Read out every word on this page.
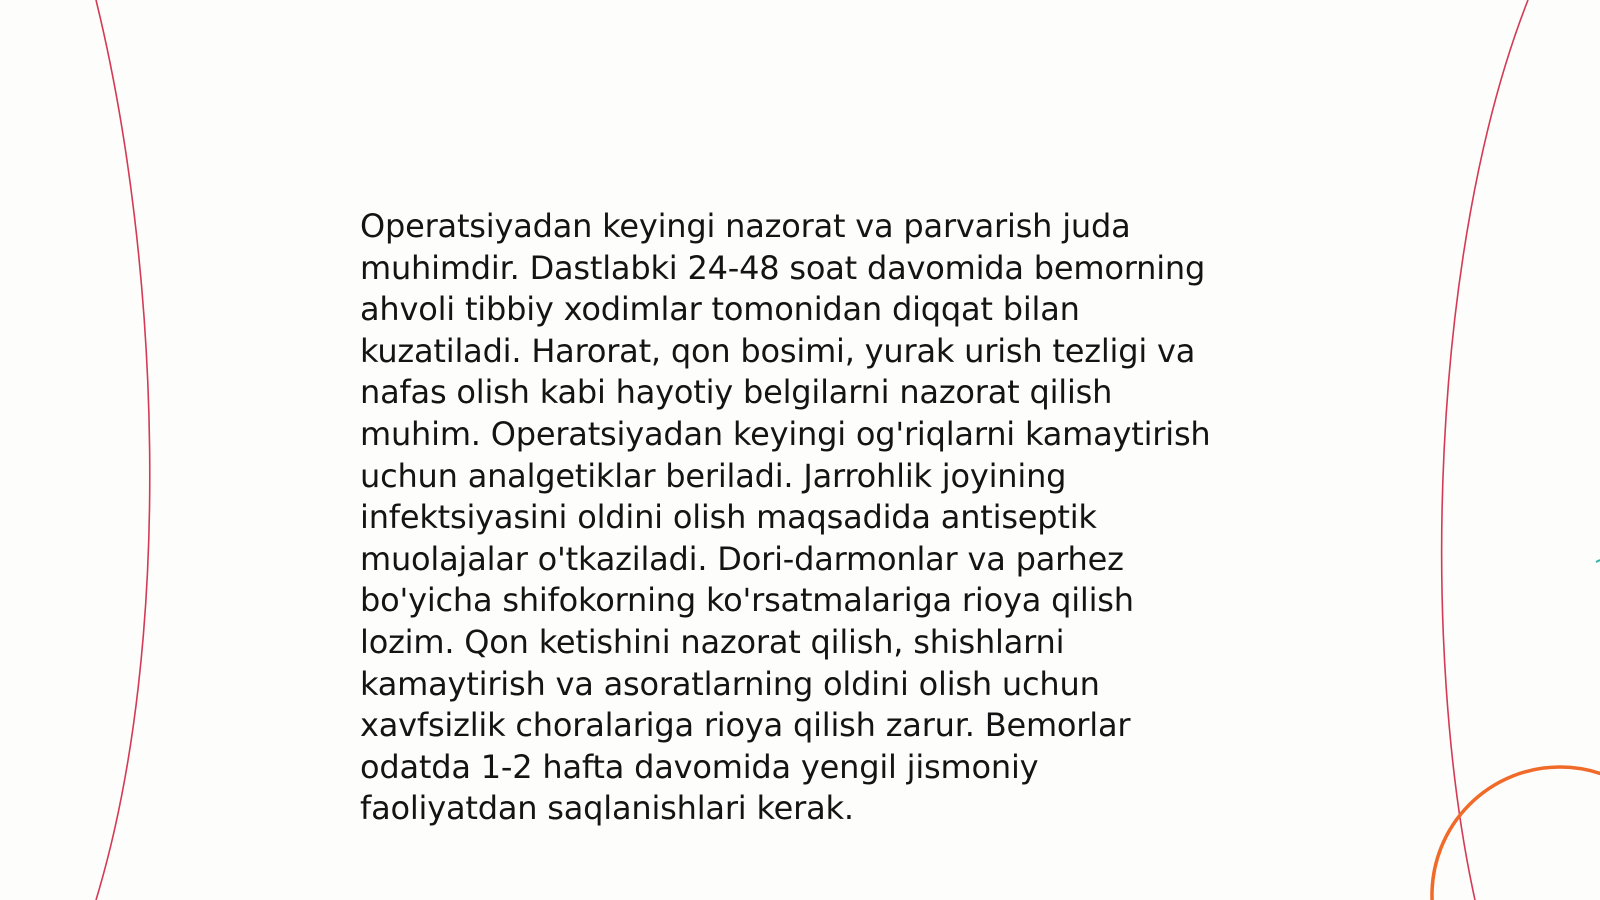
Operatsiyadan keyingi nazorat va parvarish juda
muhimdir. Dastlabki 24-48 soat davomida bemorning
ahvoli tibbiy xodimlar tomonidan diqqat bilan
kuzatiladi. Harorat, qon bosimi, yurak urish tezligi va
nafas olish kabi hayotiy belgilarni nazorat qilish
muhim. Operatsiyadan keyingi og'riqlarni kamaytirish
uchun analgetiklar beriladi. Jarrohlik joyining
infektsiyasini oldini olish maqsadida antiseptik
muolajalar o'tkaziladi. Dori-darmonlar va parhez
bo'yicha shifokorning ko'rsatmalariga rioya qilish
lozim. Qon ketishini nazorat qilish, shishlarni
kamaytirish va asoratlarning oldini olish uchun
xavfsizlik choralariga rioya qilish zarur. Bemorlar
odatda 1-2 hafta davomida yengil jismoniy
faoliyatdan saqlanishlari kerak.
